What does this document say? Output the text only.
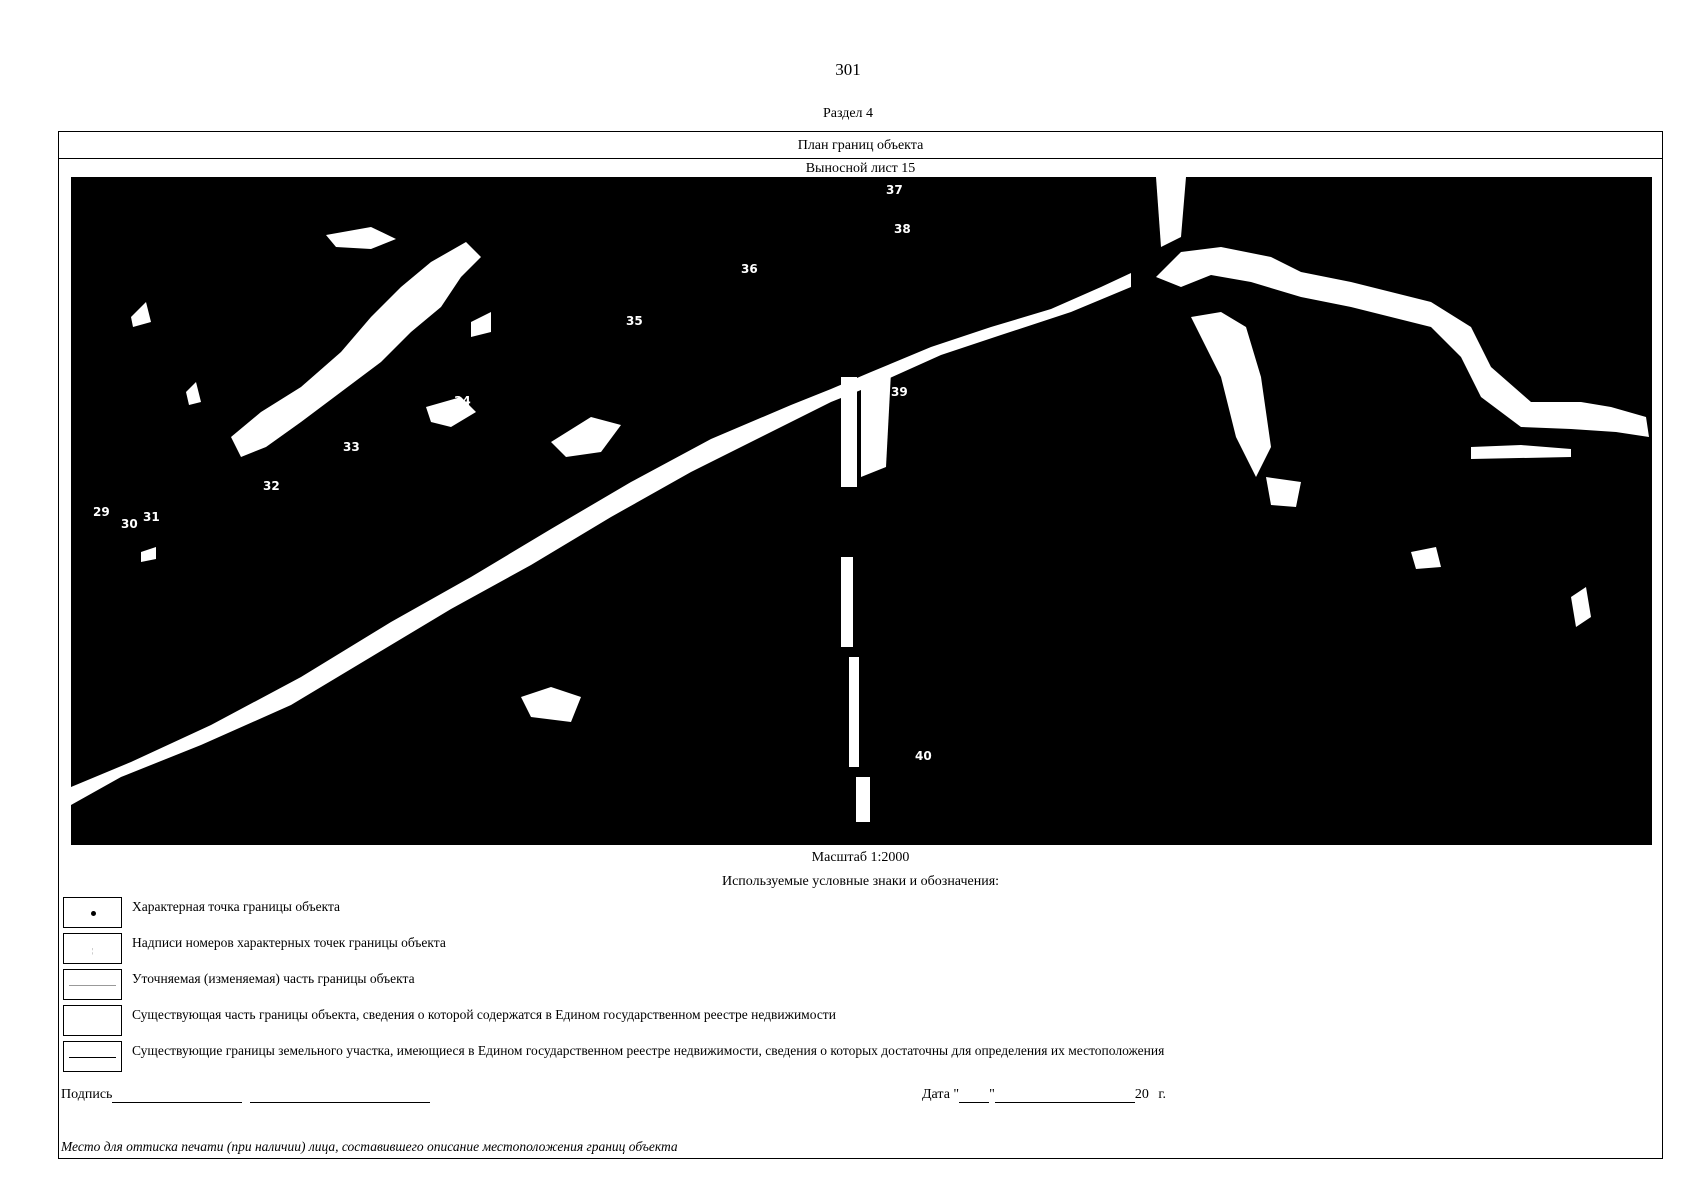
301
Раздел 4
План границ объекта
Выносной лист 15
37
38
36
35
34
33
32
29
30 31
39
40
Масштаб 1:2000
Используемые условные знаки и обозначения:
Характерная точка границы объекта
¦
Надписи номеров характерных точек границы объекта
Уточняемая (изменяемая) часть границы объекта
Существующая часть границы объекта, сведения о которой содержатся в Едином государственном реестре недвижимости
Существующие границы земельного участка, имеющиеся в Едином государственном реестре недвижимости, сведения о которых достаточны для определения их местоположения
Подпись	Дата " "	20 г.
Место для оттиска печати (при наличии) лица, составившего описание местоположения границ объекта
